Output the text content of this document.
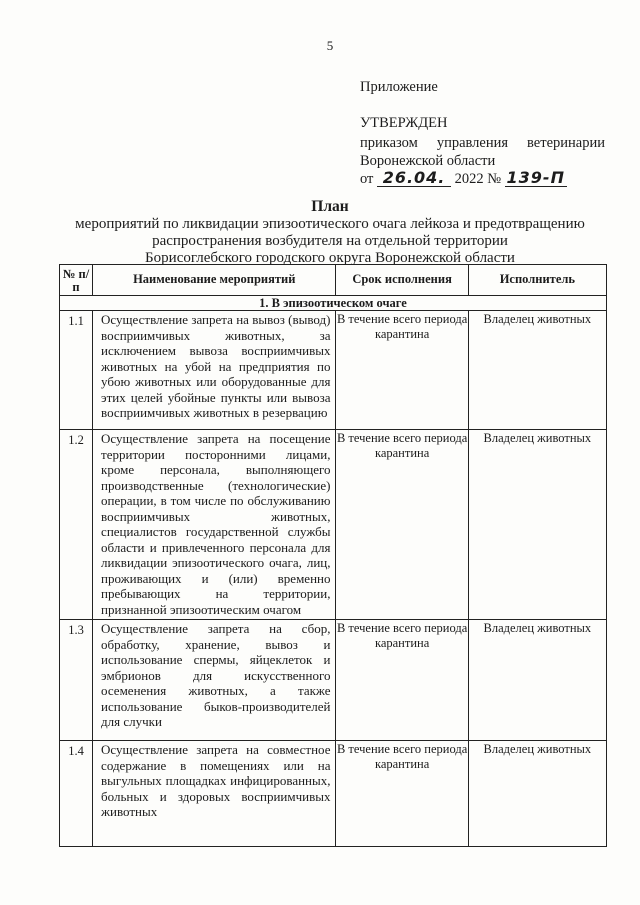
5
Приложение
УТВЕРЖДЕН
приказом управления ветеринарии
Воронежской области
от 26.04. 2022 № 139-П
План
мероприятий по ликвидации эпизоотического очага лейкоза и предотвращению
распространения возбудителя на отдельной территории
Борисоглебского городского округа Воронежской области
№ п/п	Наименование мероприятий	Срок исполнения	Исполнитель
1. В эпизоотическом очаге			
1.1	Осуществление запрета на вывоз (вывод) восприимчивых животных, за исключением вывоза восприимчивых животных на убой на предприятия по убою животных или оборудованные для этих целей убойные пункты или вывоза восприимчивых животных в резервацию	В течение всего периода карантина	Владелец животных
1.2	Осуществление запрета на посещение территории посторонними лицами, кроме персонала, выполняющего производственные (технологические) операции, в том числе по обслуживанию восприимчивых животных, специалистов государственной службы области и привлеченного персонала для ликвидации эпизоотического очага, лиц, проживающих и (или) временно пребывающих на территории, признанной эпизоотическим очагом	В течение всего периода карантина	Владелец животных
1.3	Осуществление запрета на сбор, обработку, хранение, вывоз и использование спермы, яйцеклеток и эмбрионов для искусственного осеменения животных, а также использование быков-производителей для случки	В течение всего периода карантина	Владелец животных
1.4	Осуществление запрета на совместное содержание в помещениях или на выгульных площадках инфицированных, больных и здоровых восприимчивых животных	В течение всего периода карантина	Владелец животных
